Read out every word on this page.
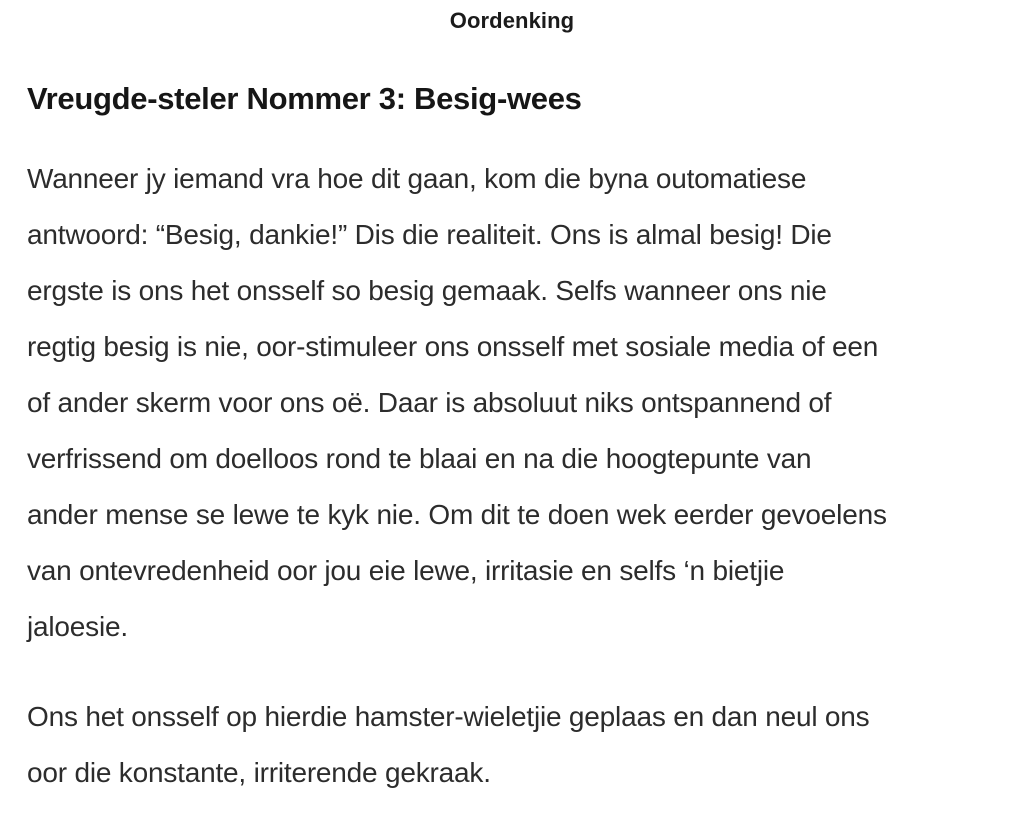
Oordenking
Vreugde-steler Nommer 3: Besig-wees
Wanneer jy iemand vra hoe dit gaan, kom die byna outomatiese
antwoord: “Besig, dankie!” Dis die realiteit. Ons is almal besig! Die
ergste is ons het onsself so besig gemaak. Selfs wanneer ons nie
regtig besig is nie, oor-stimuleer ons onsself met sosiale media of een
of ander skerm voor ons oë. Daar is absoluut niks ontspannend of
verfrissend om doelloos rond te blaai en na die hoogtepunte van
ander mense se lewe te kyk nie. Om dit te doen wek eerder gevoelens
van ontevredenheid oor jou eie lewe, irritasie en selfs ‘n bietjie
jaloesie.
Ons het onsself op hierdie hamster-wieletjie geplaas en dan neul ons
oor die konstante, irriterende gekraak.
